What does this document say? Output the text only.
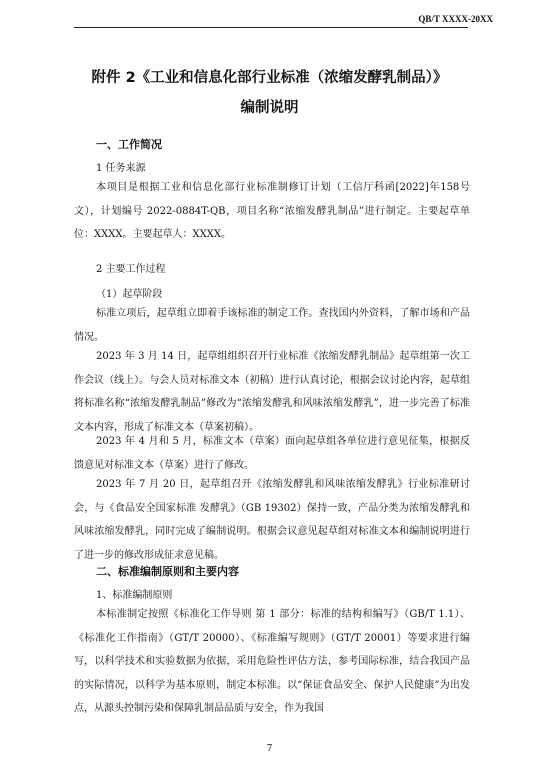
QB/T XXXX-20XX
附件 2《工业和信息化部行业标准（浓缩发酵乳制品）》
编制说明
一、工作简况
1 任务来源

本项目是根据工业和信息化部行业标准制修订计划（工信厅科函[2022]年158号文），计划编号 2022-0884T-QB，项目名称“浓缩发酵乳制品”进行制定。主要起草单位：XXXX。主要起草人：XXXX。

2 主要工作过程
（1）起草阶段

标准立项后，起草组立即着手该标准的制定工作。查找国内外资料，了解市场和产品情况。

2023 年 3 月 14 日，起草组组织召开行业标准《浓缩发酵乳制品》起草组第一次工作会议（线上）。与会人员对标准文本（初稿）进行认真讨论，根据会议讨论内容，起草组将标准名称“浓缩发酵乳制品”修改为“浓缩发酵乳和风味浓缩发酵乳”，进一步完善了标准文本内容，形成了标准文本（草案初稿）。

2023 年 4 月和 5 月，标准文本（草案）面向起草组各单位进行意见征集，根据反馈意见对标准文本（草案）进行了修改。

2023 年 7 月 20 日，起草组召开《浓缩发酵乳和风味浓缩发酵乳》行业标准研讨会，与《食品安全国家标准 发酵乳》（GB 19302）保持一致，产品分类为浓缩发酵乳和风味浓缩发酵乳，同时完成了编制说明。根据会议意见起草组对标准文本和编制说明进行了进一步的修改形成征求意见稿。

二、标准编制原则和主要内容
1、标准编制原则

本标准制定按照《标准化工作导则 第 1 部分：标准的结构和编写》（GB/T 1.1）、《标准化工作指南》（GT/T 20000）、《标准编写规则》（GT/T 20001）等要求进行编写，以科学技术和实验数据为依据，采用危险性评估方法，参考国际标准，结合我国产品的实际情况，以科学为基本原则，制定本标准。以“保证食品安全、保护人民健康”为出发点，从源头控制污染和保障乳制品品质与安全，作为我国

7
